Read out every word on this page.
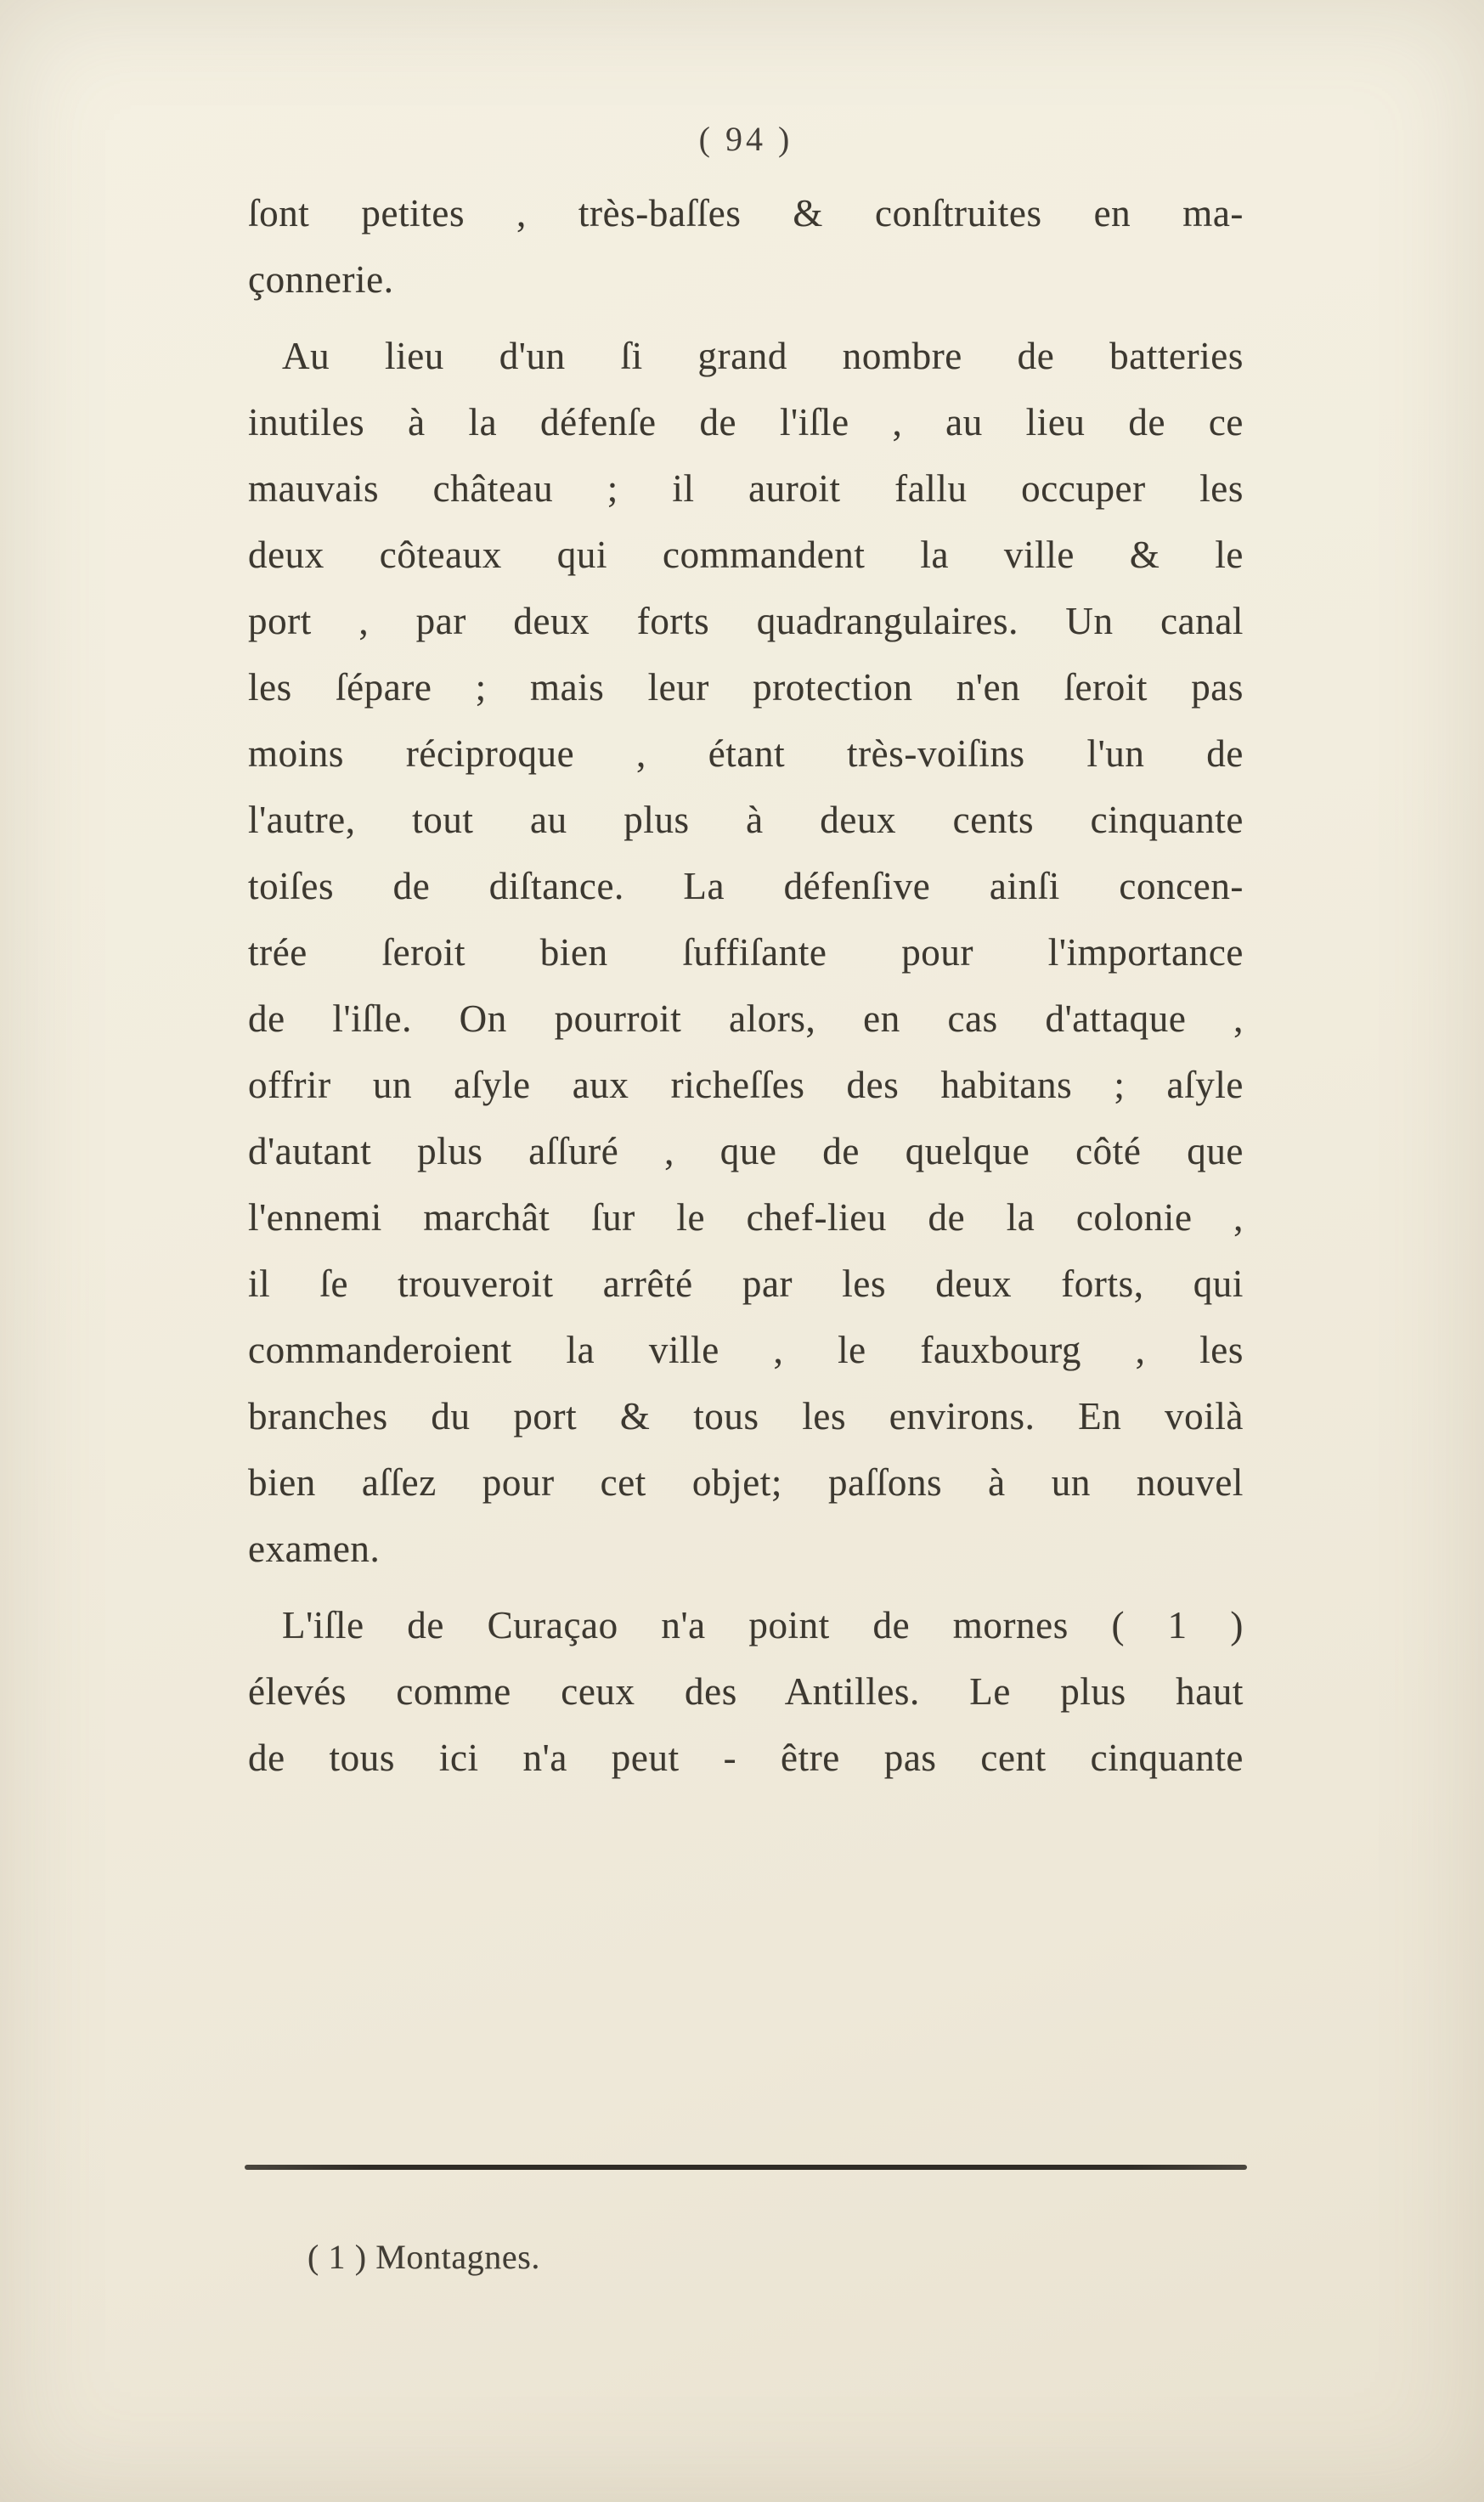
( 94 )
ſont petites , très-baſſes & conſtruites en ma-
çonnerie.
Au lieu d'un ſi grand nombre de batteries
inutiles à la défenſe de l'iſle , au lieu de ce
mauvais château ; il auroit fallu occuper les
deux côteaux qui commandent la ville & le
port , par deux forts quadrangulaires. Un canal
les ſépare ; mais leur protection n'en ſeroit pas
moins réciproque , étant très-voiſins l'un de
l'autre, tout au plus à deux cents cinquante
toiſes de diſtance. La défenſive ainſi concen-
trée ſeroit bien ſuffiſante pour l'importance
de l'iſle. On pourroit alors, en cas d'attaque ,
offrir un aſyle aux richeſſes des habitans ; aſyle
d'autant plus aſſuré , que de quelque côté que
l'ennemi marchât ſur le chef-lieu de la colonie ,
il ſe trouveroit arrêté par les deux forts, qui
commanderoient la ville , le fauxbourg , les
branches du port & tous les environs. En voilà
bien aſſez pour cet objet; paſſons à un nouvel
examen.
L'iſle de Curaçao n'a point de mornes ( 1 )
élevés comme ceux des Antilles. Le plus haut
de tous ici n'a peut - être pas cent cinquante
( 1 ) Montagnes.
